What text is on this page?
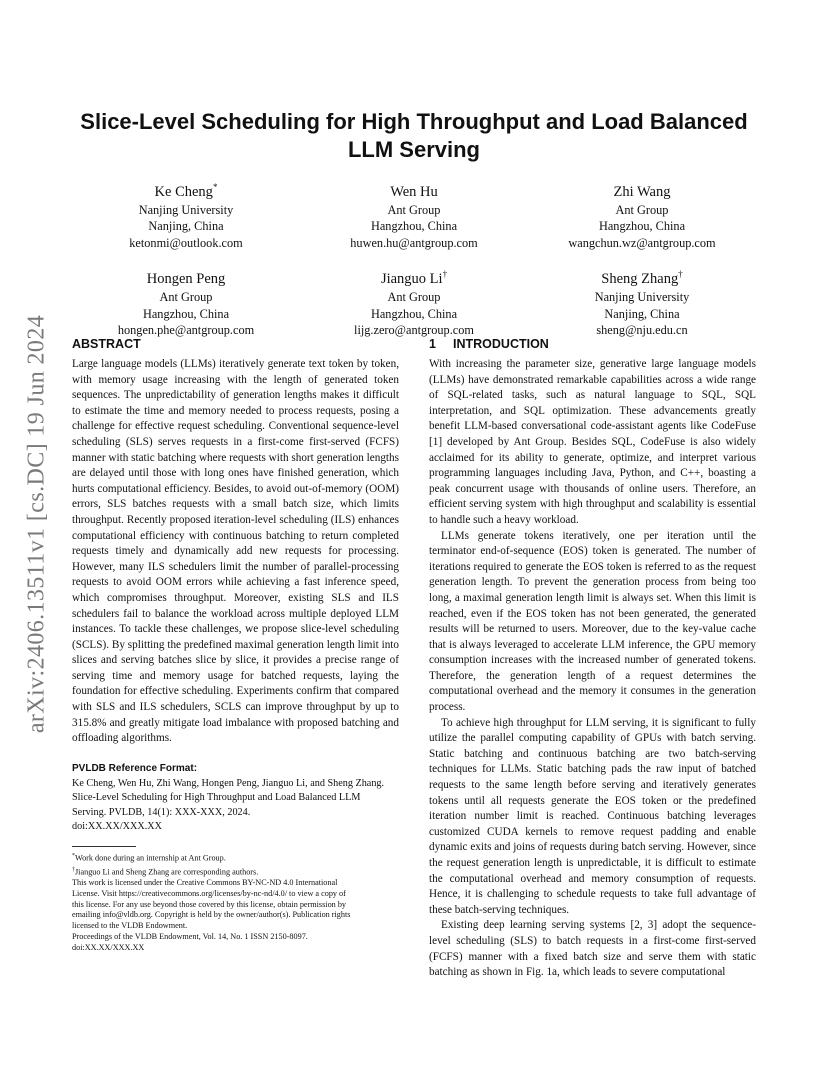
arXiv:2406.13511v1 [cs.DC] 19 Jun 2024
Slice-Level Scheduling for High Throughput and Load Balanced
LLM Serving
Ke Cheng*
Nanjing University
Nanjing, China
ketonmi@outlook.com
Wen Hu
Ant Group
Hangzhou, China
huwen.hu@antgroup.com
Zhi Wang
Ant Group
Hangzhou, China
wangchun.wz@antgroup.com
Hongen Peng
Ant Group
Hangzhou, China
hongen.phe@antgroup.com
Jianguo Li†
Ant Group
Hangzhou, China
lijg.zero@antgroup.com
Sheng Zhang†
Nanjing University
Nanjing, China
sheng@nju.edu.cn
ABSTRACT

Large language models (LLMs) iteratively generate text token by token, with memory usage increasing with the length of generated token sequences. The unpredictability of generation lengths makes it difficult to estimate the time and memory needed to process requests, posing a challenge for effective request scheduling. Conventional sequence-level scheduling (SLS) serves requests in a first-come first-served (FCFS) manner with static batching where requests with short generation lengths are delayed until those with long ones have finished generation, which hurts computational efficiency. Besides, to avoid out-of-memory (OOM) errors, SLS batches requests with a small batch size, which limits throughput. Recently proposed iteration-level scheduling (ILS) enhances computational efficiency with continuous batching to return completed requests timely and dynamically add new requests for processing. However, many ILS schedulers limit the number of parallel-processing requests to avoid OOM errors while achieving a fast inference speed, which compromises throughput. Moreover, existing SLS and ILS schedulers fail to balance the workload across multiple deployed LLM instances. To tackle these challenges, we propose slice-level scheduling (SCLS). By splitting the predefined maximal generation length limit into slices and serving batches slice by slice, it provides a precise range of serving time and memory usage for batched requests, laying the foundation for effective scheduling. Experiments confirm that compared with SLS and ILS schedulers, SCLS can improve throughput by up to 315.8% and greatly mitigate load imbalance with proposed batching and offloading algorithms.

PVLDB Reference Format:
Ke Cheng, Wen Hu, Zhi Wang, Hongen Peng, Jianguo Li, and Sheng Zhang.
Slice-Level Scheduling for High Throughput and Load Balanced LLM
Serving. PVLDB, 14(1): XXX-XXX, 2024.
doi:XX.XX/XXX.XX
*Work done during an internship at Ant Group.
†Jianguo Li and Sheng Zhang are corresponding authors.
This work is licensed under the Creative Commons BY-NC-ND 4.0 International
License. Visit https://creativecommons.org/licenses/by-nc-nd/4.0/ to view a copy of
this license. For any use beyond those covered by this license, obtain permission by
emailing info@vldb.org. Copyright is held by the owner/author(s). Publication rights
licensed to the VLDB Endowment.
Proceedings of the VLDB Endowment, Vol. 14, No. 1 ISSN 2150-8097.
doi:XX.XX/XXX.XX
1 INTRODUCTION

With increasing the parameter size, generative large language models (LLMs) have demonstrated remarkable capabilities across a wide range of SQL-related tasks, such as natural language to SQL, SQL interpretation, and SQL optimization. These advancements greatly benefit LLM-based conversational code-assistant agents like CodeFuse [1] developed by Ant Group. Besides SQL, CodeFuse is also widely acclaimed for its ability to generate, optimize, and interpret various programming languages including Java, Python, and C++, boasting a peak concurrent usage with thousands of online users. Therefore, an efficient serving system with high throughput and scalability is essential to handle such a heavy workload.

LLMs generate tokens iteratively, one per iteration until the terminator end-of-sequence (EOS) token is generated. The number of iterations required to generate the EOS token is referred to as the request generation length. To prevent the generation process from being too long, a maximal generation length limit is always set. When this limit is reached, even if the EOS token has not been generated, the generated results will be returned to users. Moreover, due to the key-value cache that is always leveraged to accelerate LLM inference, the GPU memory consumption increases with the increased number of generated tokens. Therefore, the generation length of a request determines the computational overhead and the memory it consumes in the generation process.

To achieve high throughput for LLM serving, it is significant to fully utilize the parallel computing capability of GPUs with batch serving. Static batching and continuous batching are two batch-serving techniques for LLMs. Static batching pads the raw input of batched requests to the same length before serving and iteratively generates tokens until all requests generate the EOS token or the predefined iteration number limit is reached. Continuous batching leverages customized CUDA kernels to remove request padding and enable dynamic exits and joins of requests during batch serving. However, since the request generation length is unpredictable, it is difficult to estimate the computational overhead and memory consumption of requests. Hence, it is challenging to schedule requests to take full advantage of these batch-serving techniques.

Existing deep learning serving systems [2, 3] adopt the sequence-level scheduling (SLS) to batch requests in a first-come first-served (FCFS) manner with a fixed batch size and serve them with static batching as shown in Fig. 1a, which leads to severe computational
